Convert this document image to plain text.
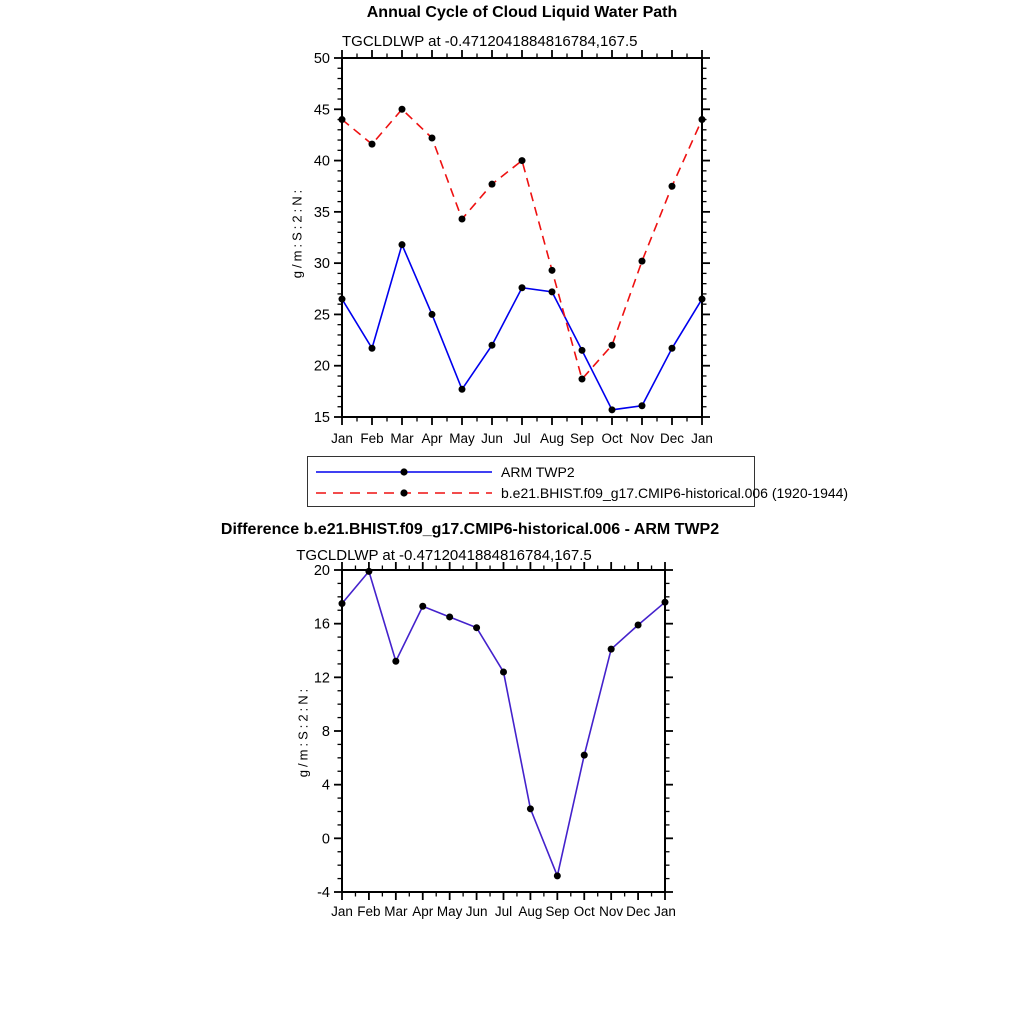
Jan Feb Mar Apr May Jun Jul Aug Sep Oct Nov Dec Jan
15
20
25
30
35
40
45
50
Jan Feb Mar Apr May Jun Jul Aug Sep Oct Nov Dec Jan
-4
0
4
8
12
16
20
Annual Cycle of Cloud Liquid Water Path
TGCLDLWP at -0.4712041884816784,167.5
g/m:S:2:N:
ARM TWP2
b.e21.BHIST.f09_g17.CMIP6-historical.006 (1920-1944)
Difference b.e21.BHIST.f09_g17.CMIP6-historical.006 - ARM TWP2
TGCLDLWP at -0.4712041884816784,167.5
g/m:S:2:N:
